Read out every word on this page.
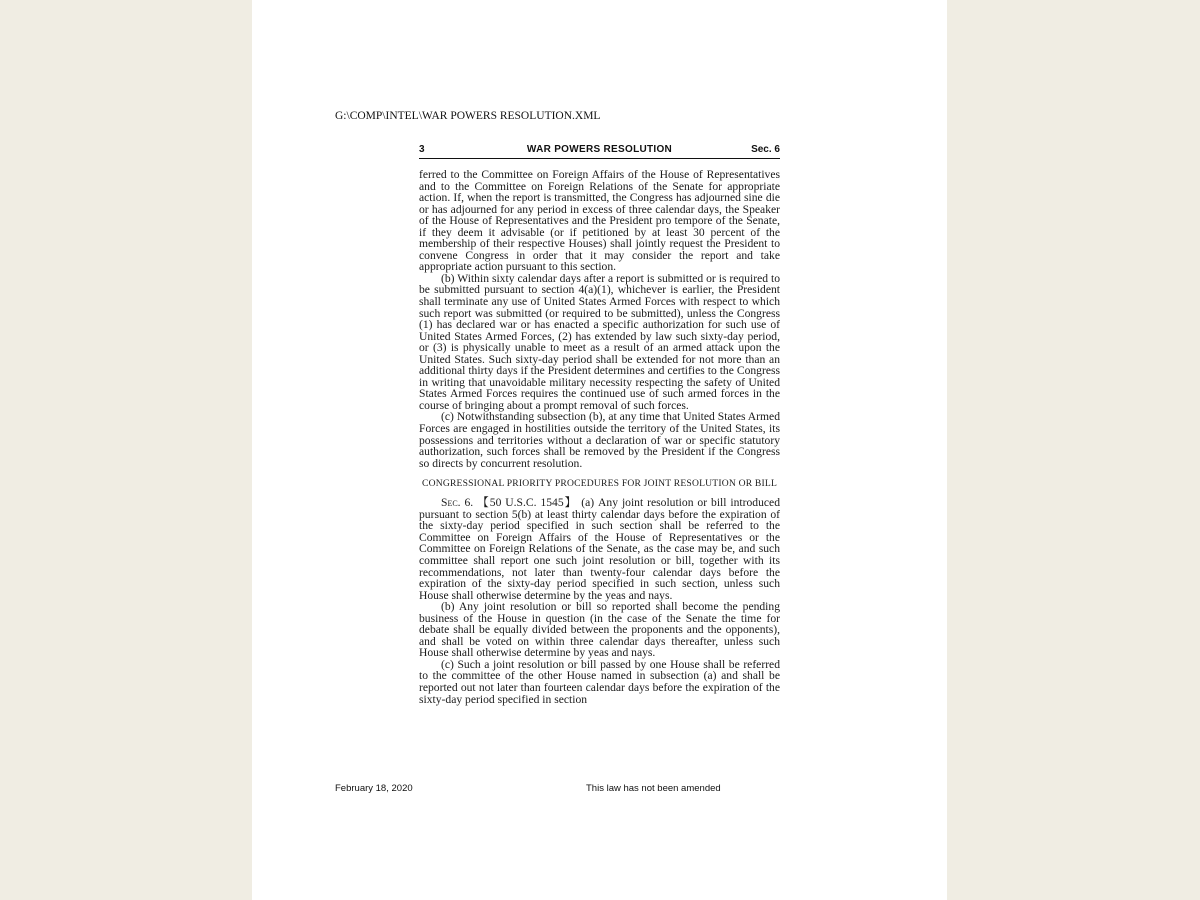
G:\COMP\INTEL\WAR POWERS RESOLUTION.XML
3	WAR POWERS RESOLUTION	Sec. 6

ferred to the Committee on Foreign Affairs of the House of Representatives and to the Committee on Foreign Relations of the Senate for appropriate action. If, when the report is transmitted, the Congress has adjourned sine die or has adjourned for any period in excess of three calendar days, the Speaker of the House of Representatives and the President pro tempore of the Senate, if they deem it advisable (or if petitioned by at least 30 percent of the membership of their respective Houses) shall jointly request the President to convene Congress in order that it may consider the report and take appropriate action pursuant to this section.

(b) Within sixty calendar days after a report is submitted or is required to be submitted pursuant to section 4(a)(1), whichever is earlier, the President shall terminate any use of United States Armed Forces with respect to which such report was submitted (or required to be submitted), unless the Congress (1) has declared war or has enacted a specific authorization for such use of United States Armed Forces, (2) has extended by law such sixty-day period, or (3) is physically unable to meet as a result of an armed attack upon the United States. Such sixty-day period shall be extended for not more than an additional thirty days if the President determines and certifies to the Congress in writing that unavoidable military necessity respecting the safety of United States Armed Forces requires the continued use of such armed forces in the course of bringing about a prompt removal of such forces.

(c) Notwithstanding subsection (b), at any time that United States Armed Forces are engaged in hostilities outside the territory of the United States, its possessions and territories without a declaration of war or specific statutory authorization, such forces shall be removed by the President if the Congress so directs by concurrent resolution.

CONGRESSIONAL PRIORITY PROCEDURES FOR JOINT RESOLUTION OR BILL

Sec. 6. 【50 U.S.C. 1545】 (a) Any joint resolution or bill introduced pursuant to section 5(b) at least thirty calendar days before the expiration of the sixty-day period specified in such section shall be referred to the Committee on Foreign Affairs of the House of Representatives or the Committee on Foreign Relations of the Senate, as the case may be, and such committee shall report one such joint resolution or bill, together with its recommendations, not later than twenty-four calendar days before the expiration of the sixty-day period specified in such section, unless such House shall otherwise determine by the yeas and nays.

(b) Any joint resolution or bill so reported shall become the pending business of the House in question (in the case of the Senate the time for debate shall be equally divided between the proponents and the opponents), and shall be voted on within three calendar days thereafter, unless such House shall otherwise determine by yeas and nays.

(c) Such a joint resolution or bill passed by one House shall be referred to the committee of the other House named in subsection (a) and shall be reported out not later than fourteen calendar days before the expiration of the sixty-day period specified in section

February 18, 2020	This law has not been amended
